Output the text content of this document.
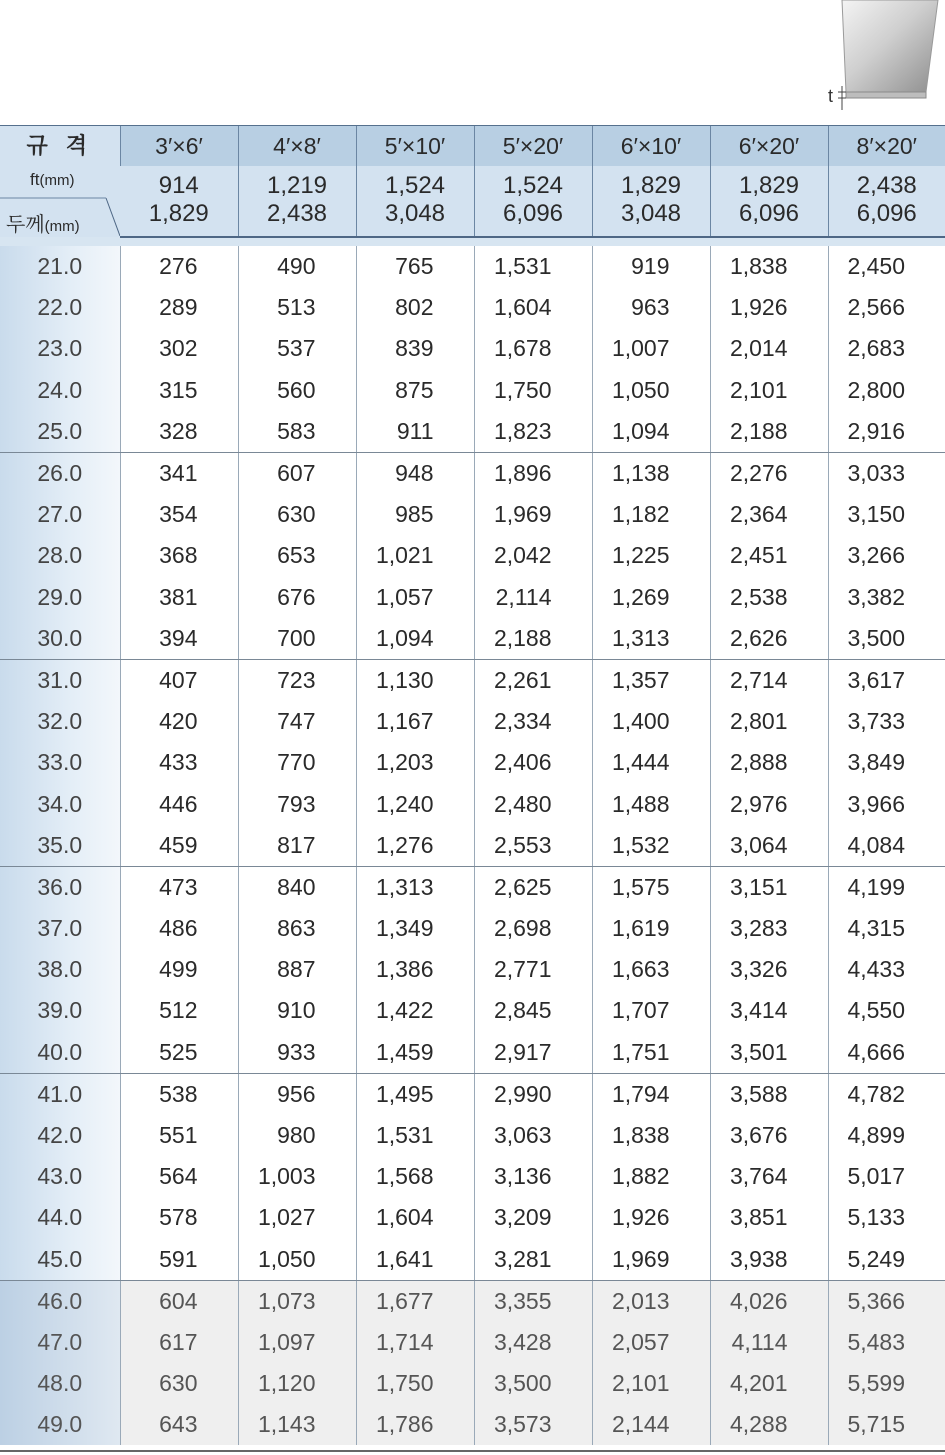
t
규 격
ft(mm)
두께(mm)	3′×6′	4′×8′	5′×10′	5′×20′	6′×10′	6′×20′	8′×20′
	914	1,219	1,524	1,524	1,829	1,829	2,438
	1,829	2,438	3,048	6,096	3,048	6,096	6,096

21.0	276	490	765	1,531	919	1,838	2,450
22.0	289	513	802	1,604	963	1,926	2,566
23.0	302	537	839	1,678	1,007	2,014	2,683
24.0	315	560	875	1,750	1,050	2,101	2,800
25.0	328	583	911	1,823	1,094	2,188	2,916
26.0	341	607	948	1,896	1,138	2,276	3,033
27.0	354	630	985	1,969	1,182	2,364	3,150
28.0	368	653	1,021	2,042	1,225	2,451	3,266
29.0	381	676	1,057	2,114	1,269	2,538	3,382
30.0	394	700	1,094	2,188	1,313	2,626	3,500
31.0	407	723	1,130	2,261	1,357	2,714	3,617
32.0	420	747	1,167	2,334	1,400	2,801	3,733
33.0	433	770	1,203	2,406	1,444	2,888	3,849
34.0	446	793	1,240	2,480	1,488	2,976	3,966
35.0	459	817	1,276	2,553	1,532	3,064	4,084
36.0	473	840	1,313	2,625	1,575	3,151	4,199
37.0	486	863	1,349	2,698	1,619	3,283	4,315
38.0	499	887	1,386	2,771	1,663	3,326	4,433
39.0	512	910	1,422	2,845	1,707	3,414	4,550
40.0	525	933	1,459	2,917	1,751	3,501	4,666
41.0	538	956	1,495	2,990	1,794	3,588	4,782
42.0	551	980	1,531	3,063	1,838	3,676	4,899
43.0	564	1,003	1,568	3,136	1,882	3,764	5,017
44.0	578	1,027	1,604	3,209	1,926	3,851	5,133
45.0	591	1,050	1,641	3,281	1,969	3,938	5,249
46.0	604	1,073	1,677	3,355	2,013	4,026	5,366
47.0	617	1,097	1,714	3,428	2,057	4,114	5,483
48.0	630	1,120	1,750	3,500	2,101	4,201	5,599
49.0	643	1,143	1,786	3,573	2,144	4,288	5,715
